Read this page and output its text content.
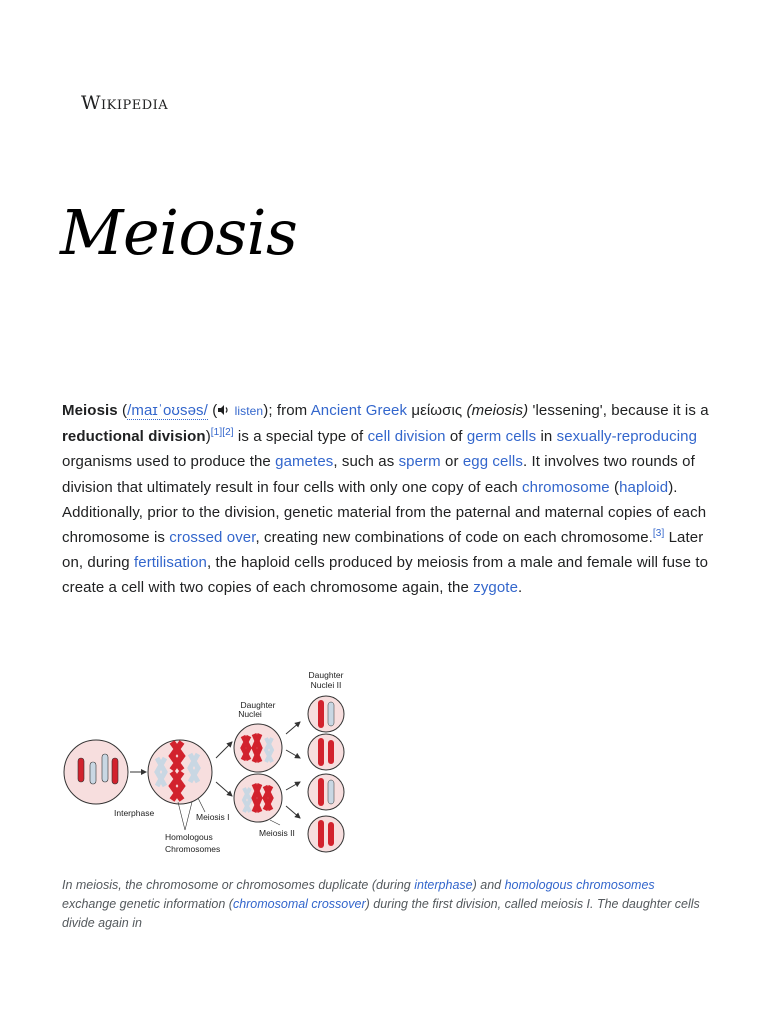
Wikipedia
Meiosis

Meiosis (/maɪˈoʊsəs/ ( listen); from Ancient Greek μείωσις (meiosis) 'lessening', because it is a reductional division)[1][2] is a special type of cell division of germ cells in sexually-reproducing organisms used to produce the gametes, such as sperm or egg cells. It involves two rounds of division that ultimately result in four cells with only one copy of each chromosome (haploid). Additionally, prior to the division, genetic material from the paternal and maternal copies of each chromosome is crossed over, creating new combinations of code on each chromosome.[3] Later on, during fertilisation, the haploid cells produced by meiosis from a male and female will fuse to create a cell with two copies of each chromosome again, the zygote.

Daughter
Nuclei II
Daughter
Nuclei
Interphase	Meiosis I
Meiosis II
Homologous
Chromosomes
In meiosis, the chromosome or chromosomes duplicate (during interphase) and homologous chromosomes exchange genetic information (chromosomal crossover) during the first division, called meiosis I. The daughter cells divide again in
